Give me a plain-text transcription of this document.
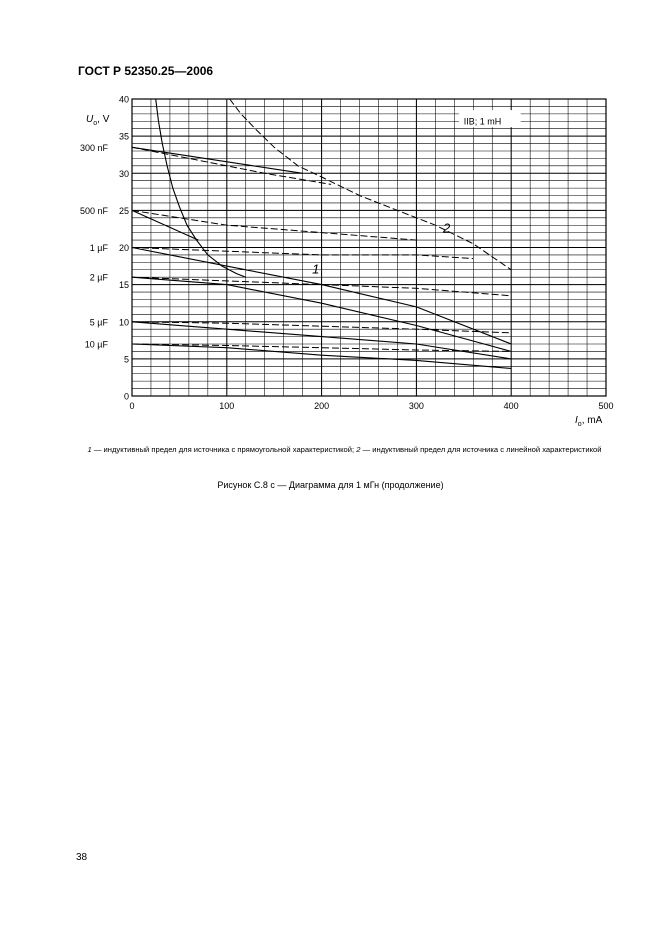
ГОСТ Р 52350.25—2006
0	100	200	300	400	500
0
5
10
15
20
25
30
35
40
300 nF
500 nF
1 µF
2 µF
5 µF
10 µF
1
2
IIB; 1 mH
$U_o$, V
$I_o$, mA
1 — индуктивный предел для источника с прямоугольной характеристикой; 2 — индуктивный предел для источника с линейной характеристикой
Рисунок С.8 с — Диаграмма для 1 мГн (продолжение)
38
